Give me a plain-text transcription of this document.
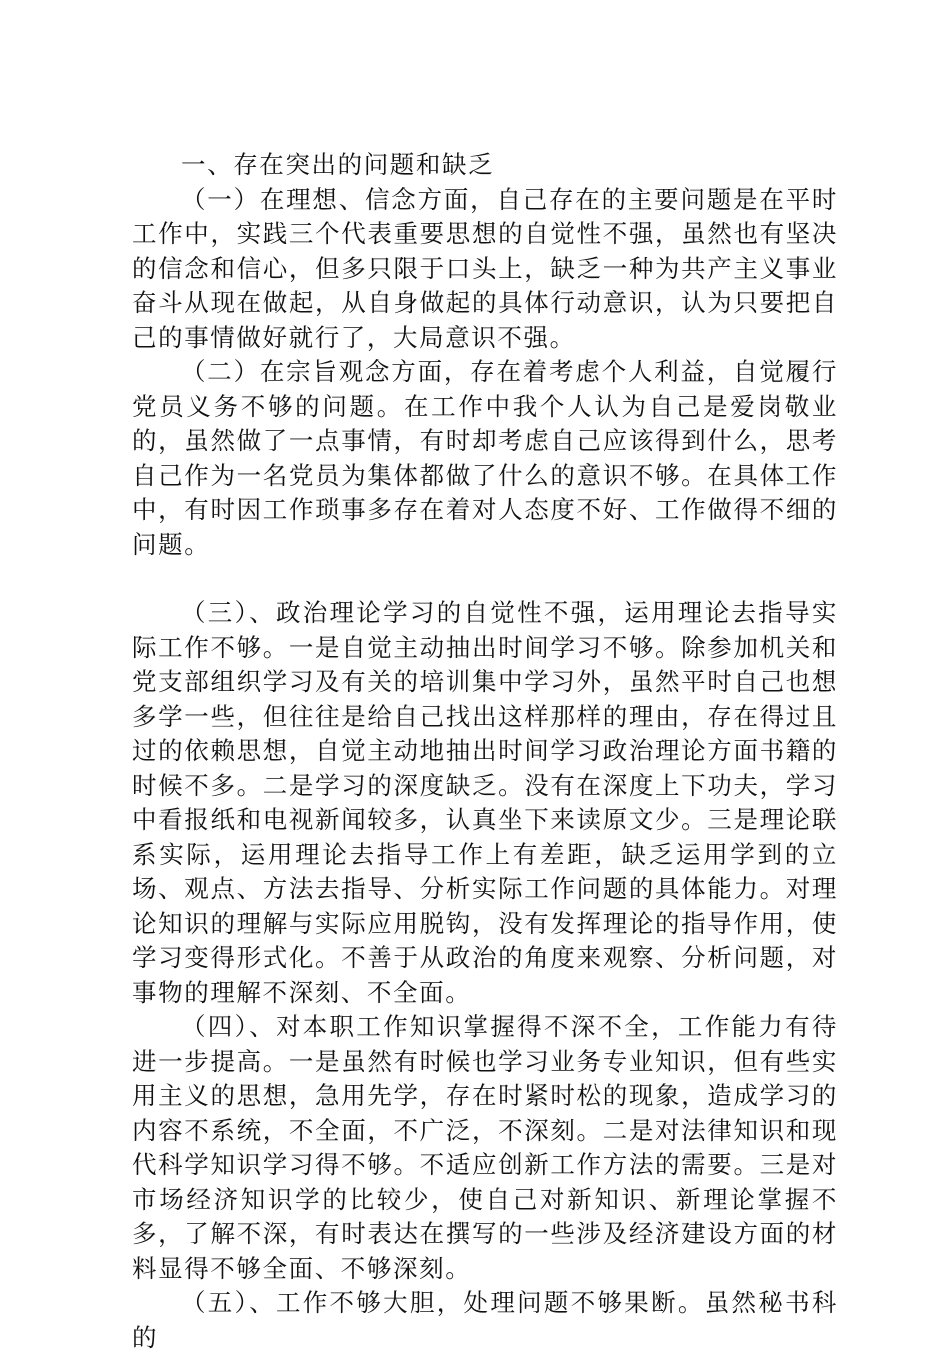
一、存在突出的问题和缺乏

（一）在理想、信念方面，自己存在的主要问题是在平时工作中，实践三个代表重要思想的自觉性不强，虽然也有坚决的信念和信心，但多只限于口头上，缺乏一种为共产主义事业奋斗从现在做起，从自身做起的具体行动意识，认为只要把自己的事情做好就行了，大局意识不强。

（二）在宗旨观念方面，存在着考虑个人利益，自觉履行党员义务不够的问题。在工作中我个人认为自己是爱岗敬业的，虽然做了一点事情，有时却考虑自己应该得到什么，思考自己作为一名党员为集体都做了什么的意识不够。在具体工作中，有时因工作琐事多存在着对人态度不好、工作做得不细的问题。

（三）、政治理论学习的自觉性不强，运用理论去指导实际工作不够。一是自觉主动抽出时间学习不够。除参加机关和党支部组织学习及有关的培训集中学习外，虽然平时自己也想多学一些，但往往是给自己找出这样那样的理由，存在得过且过的依赖思想，自觉主动地抽出时间学习政治理论方面书籍的时候不多。二是学习的深度缺乏。没有在深度上下功夫，学习中看报纸和电视新闻较多，认真坐下来读原文少。三是理论联系实际，运用理论去指导工作上有差距，缺乏运用学到的立场、观点、方法去指导、分析实际工作问题的具体能力。对理论知识的理解与实际应用脱钩，没有发挥理论的指导作用，使学习变得形式化。不善于从政治的角度来观察、分析问题，对事物的理解不深刻、不全面。

（四）、对本职工作知识掌握得不深不全，工作能力有待进一步提高。一是虽然有时候也学习业务专业知识，但有些实用主义的思想，急用先学，存在时紧时松的现象，造成学习的内容不系统，不全面，不广泛，不深刻。二是对法律知识和现代科学知识学习得不够。不适应创新工作方法的需要。三是对市场经济知识学的比较少，使自己对新知识、新理论掌握不多，了解不深，有时表达在撰写的一些涉及经济建设方面的材料显得不够全面、不够深刻。

（五）、工作不够大胆，处理问题不够果断。虽然秘书科的
